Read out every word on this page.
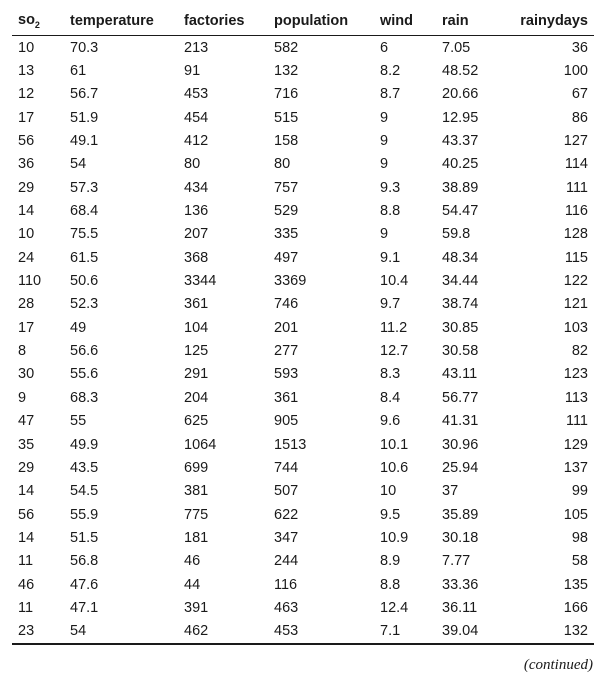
$so_2$	temperature	factories	population	wind	rain	rainydays
10	70.3	213	582	6	7.05	36
13	61	91	132	8.2	48.52	100
12	56.7	453	716	8.7	20.66	67
17	51.9	454	515	9	12.95	86
56	49.1	412	158	9	43.37	127
36	54	80	80	9	40.25	114
29	57.3	434	757	9.3	38.89	111
14	68.4	136	529	8.8	54.47	116
10	75.5	207	335	9	59.8	128
24	61.5	368	497	9.1	48.34	115
110	50.6	3344	3369	10.4	34.44	122
28	52.3	361	746	9.7	38.74	121
17	49	104	201	11.2	30.85	103
8	56.6	125	277	12.7	30.58	82
30	55.6	291	593	8.3	43.11	123
9	68.3	204	361	8.4	56.77	113
47	55	625	905	9.6	41.31	111
35	49.9	1064	1513	10.1	30.96	129
29	43.5	699	744	10.6	25.94	137
14	54.5	381	507	10	37	99
56	55.9	775	622	9.5	35.89	105
14	51.5	181	347	10.9	30.18	98
11	56.8	46	244	8.9	7.77	58
46	47.6	44	116	8.8	33.36	135
11	47.1	391	463	12.4	36.11	166
23	54	462	453	7.1	39.04	132
(continued)
